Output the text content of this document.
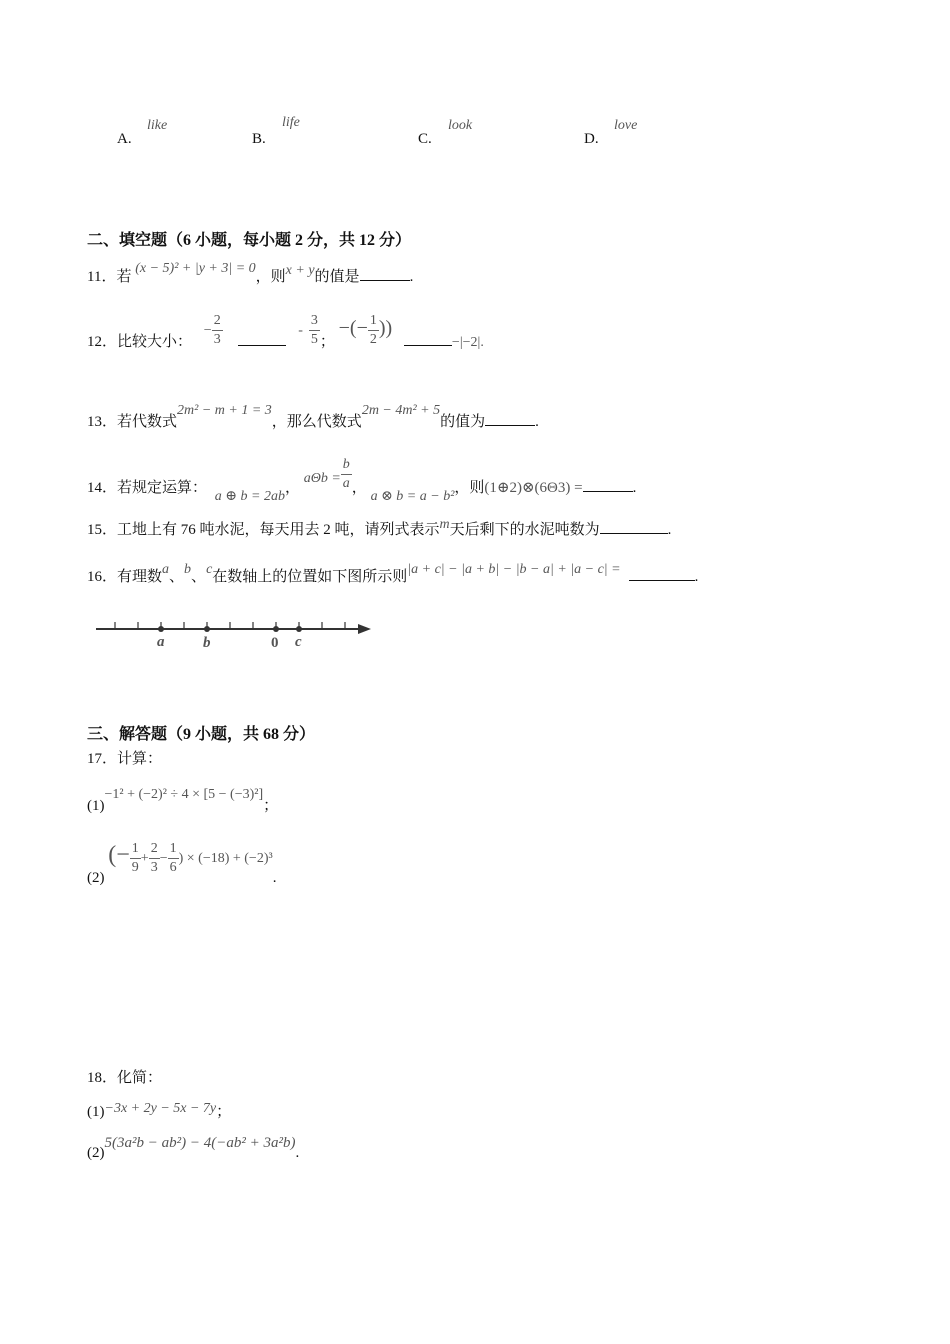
A.
like
B.
life
C.
look
D.
love
二、填空题（6 小题，每小题 2 分，共 12 分）
11．若 (x − 5)² + |y + 3| = 0，则x + y的值是	.
12．比较大小： − $\frac{2}{3}$	- $\frac{3}{5}$ ； −(− $\frac{1}{2}$ )) −|−2|.
13．若代数式2m² − m + 1 = 3，那么代数式2m − 4m² + 5的值为	.
14．若规定运算： a ⊕ b = 2ab， $a\Theta b = \frac{b}{a}$ ， a ⊗ b = a − b²，则(1⊕2)⊗(6Θ3) =	.
15．工地上有 76 吨水泥，每天用去 2 吨，请列式表示m天后剩下的水泥吨数为	.
16．有理数a、b、c在数轴上的位置如下图所示则|a + c| − |a + b| − |b − a| + |a − c| =	.
a	b	0 c
三、解答题（9 小题，共 68 分）
17．计算：
(1)−1² + (−2)² ÷ 4 × [5 − (−3)²]；
(2) (− $\frac{1}{9} + \frac{2}{3} - \frac{1}{6}$ ) × (−18) + (−2)³.
18．化简：
(1)−3x + 2y − 5x − 7y；
(2)5(3a²b − ab²) − 4(−ab² + 3a²b).
